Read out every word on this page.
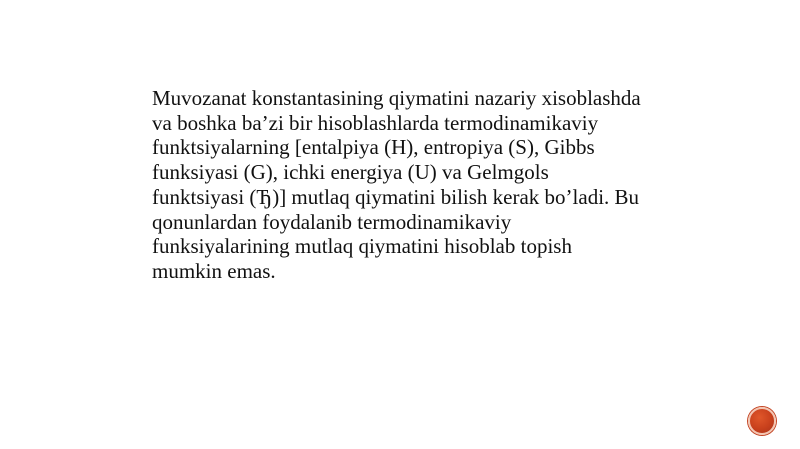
Muvozanat konstantasining qiymatini nazariy xisoblashda
va boshka ba’zi bir hisoblashlarda termodinamikaviy
funktsiyalarning [entalpiya (H), entropiya (S), Gibbs
funksiyasi (G), ichki energiya (U) va Gelmgols
funktsiyasi (Ђ)] mutlaq qiymatini bilish kerak bo’ladi. Bu
qonunlardan foydalanib termodinamikaviy
funksiyalarining mutlaq qiymatini hisoblab topish
mumkin emas.
